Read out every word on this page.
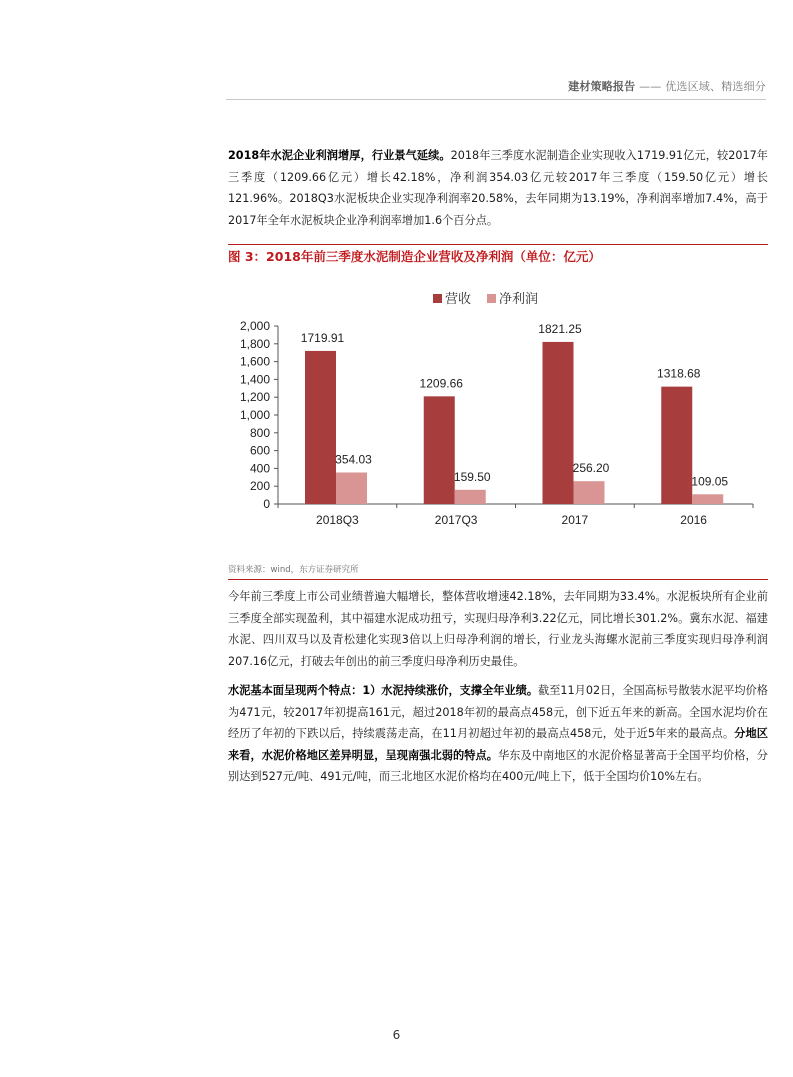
建材策略报告 —— 优选区域、精选细分

2018年水泥企业利润增厚，行业景气延续。2018年三季度水泥制造企业实现收入1719.91亿元，较2017年三季度（1209.66亿元）增长42.18%，净利润354.03亿元较2017年三季度（159.50亿元）增长121.96%。2018Q3水泥板块企业实现净利润率20.58%，去年同期为13.19%，净利润率增加7.4%，高于2017年全年水泥板块企业净利润率增加1.6个百分点。

图 3：2018年前三季度水泥制造企业营收及净利润（单位：亿元）
0
200
400
600
800
1,000
1,200
1,400
1,600
1,800
2,000
2018Q3
1719.91
354.03
2017Q3
1209.66
159.50
2017
1821.25
256.20
2016
1318.68
109.05
营收 净利润
资料来源：wind，东方证券研究所

今年前三季度上市公司业绩普遍大幅增长，整体营收增速42.18%，去年同期为33.4%。水泥板块所有企业前三季度全部实现盈利，其中福建水泥成功扭亏，实现归母净利3.22亿元，同比增长301.2%。冀东水泥、福建水泥、四川双马以及青松建化实现3倍以上归母净利润的增长，行业龙头海螺水泥前三季度实现归母净利润207.16亿元，打破去年创出的前三季度归母净利历史最佳。

水泥基本面呈现两个特点：1）水泥持续涨价，支撑全年业绩。截至11月02日，全国高标号散装水泥平均价格为471元，较2017年初提高161元，超过2018年初的最高点458元，创下近五年来的新高。全国水泥均价在经历了年初的下跌以后，持续震荡走高，在11月初超过年初的最高点458元，处于近5年来的最高点。分地区来看，水泥价格地区差异明显，呈现南强北弱的特点。华东及中南地区的水泥价格显著高于全国平均价格，分别达到527元/吨、491元/吨，而三北地区水泥价格均在400元/吨上下，低于全国均价10%左右。

6
